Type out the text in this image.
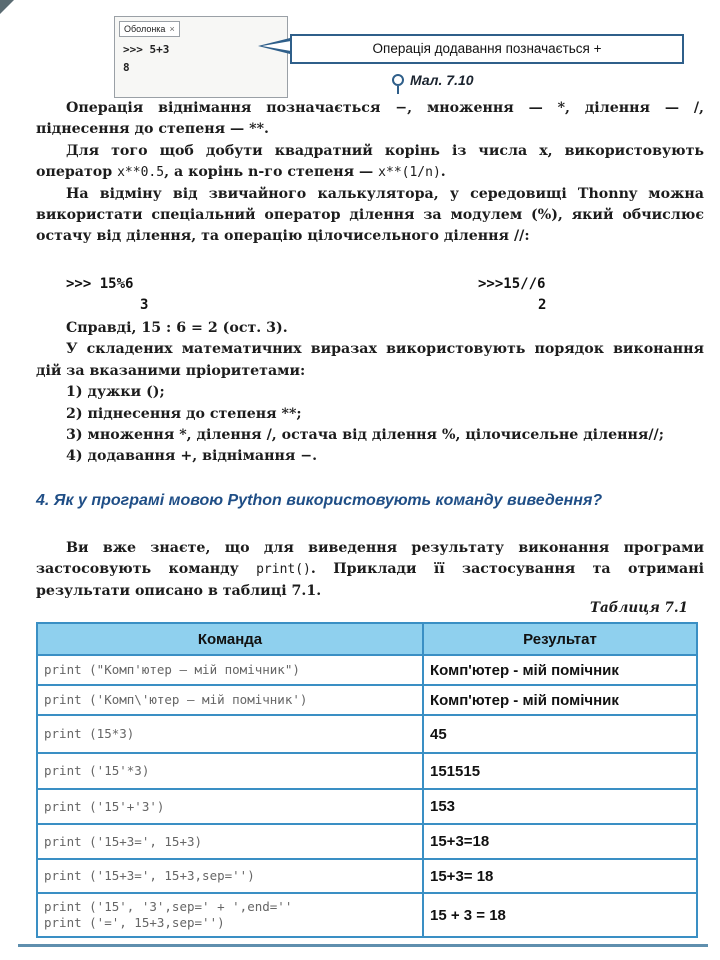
Оболонка ×
>>> 5+3
8
Операція додавання позначається +
Мал. 7.10

Операція віднімання позначається −, множення — *, ділення — /, піднесення до степеня — **.

Для того щоб добути квадратний корінь із числа x, використовують оператор x**0.5, а корінь n-го степеня — x**(1/n).

На відміну від звичайного калькулятора, у середовищі Thonny можна використати спеціальний оператор ділення за модулем (%), який обчислює остачу від ділення, та операцію цілочисельного ділення //:

>>> 15%6
3
>>>15//6
2

Справді, 15 : 6 = 2 (ост. 3).

У складених математичних виразах використовують порядок виконання дій за вказаними пріоритетами:

1) дужки ();

2) піднесення до степеня **;

3) множення *, ділення /, остача від ділення %, цілочисельне ділення//;

4) додавання +, віднімання −.

4. Як у програмі мовою Python використовують команду виведення?

Ви вже знаєте, що для виведення результату виконання програми застосовують команду print(). Приклади її застосування та отримані результати описано в таблиці 7.1.

Таблиця 7.1
Команда	Результат
print ("Комп'ютер — мій помічник")	Комп'ютер - мій помічник
print ('Комп\'ютер — мій помічник')	Комп'ютер - мій помічник
print (15*3)	45
print ('15'*3)	151515
print ('15'+'3')	153
print ('15+3=', 15+3)	15+3=18
print ('15+3=', 15+3,sep='')	15+3= 18
print ('15', '3',sep=' + ',end=''
print ('=', 15+3,sep='')	15 + 3 = 18
